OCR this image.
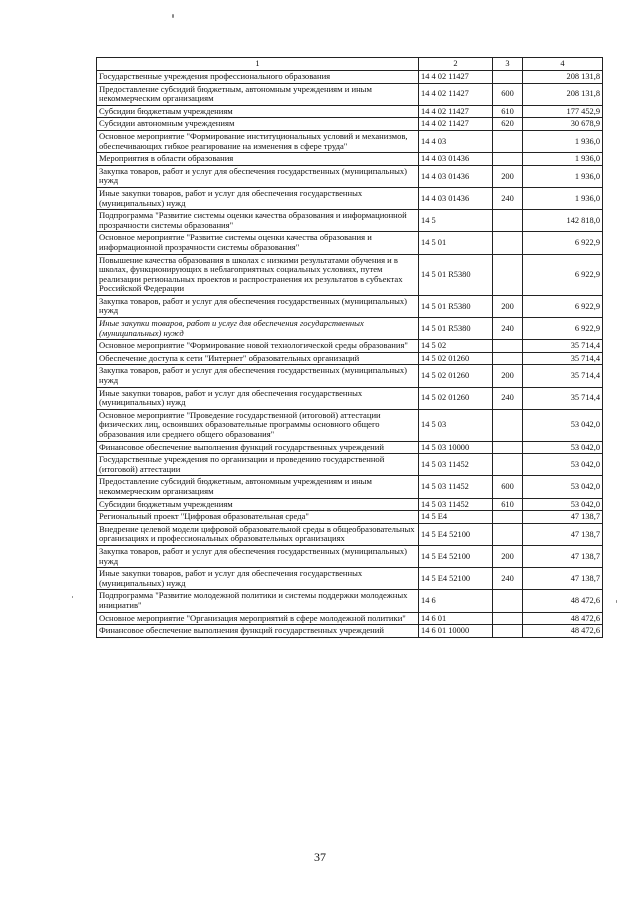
1	2	3	4
Государственные учреждения профессионального образования	14 4 02 11427		208 131,8
Предоставление субсидий бюджетным, автономным учреждениям и иным некоммерческим организациям	14 4 02 11427	600	208 131,8
Субсидии бюджетным учреждениям	14 4 02 11427	610	177 452,9
Субсидии автономным учреждениям	14 4 02 11427	620	30 678,9
Основное мероприятие "Формирование институциональных условий и механизмов, обеспечивающих гибкое реагирование на изменения в сфере труда"	14 4 03		1 936,0
Мероприятия в области образования	14 4 03 01436		1 936,0
Закупка товаров, работ и услуг для обеспечения государственных (муниципальных) нужд	14 4 03 01436	200	1 936,0
Иные закупки товаров, работ и услуг для обеспечения государственных (муниципальных) нужд	14 4 03 01436	240	1 936,0
Подпрограмма "Развитие системы оценки качества образования и информационной прозрачности системы образования"	14 5		142 818,0
Основное мероприятие "Развитие системы оценки качества образования и информационной прозрачности системы образования"	14 5 01		6 922,9
Повышение качества образования в школах с низкими результатами обучения и в школах, функционирующих в неблагоприятных социальных условиях, путем реализации региональных проектов и распространения их результатов в субъектах Российской Федерации	14 5 01 R5380		6 922,9
Закупка товаров, работ и услуг для обеспечения государственных (муниципальных) нужд	14 5 01 R5380	200	6 922,9
Иные закупки товаров, работ и услуг для обеспечения государственных (муниципальных) нужд	14 5 01 R5380	240	6 922,9
Основное мероприятие "Формирование новой технологической среды образования"	14 5 02		35 714,4
Обеспечение доступа к сети "Интернет" образовательных организаций	14 5 02 01260		35 714,4
Закупка товаров, работ и услуг для обеспечения государственных (муниципальных) нужд	14 5 02 01260	200	35 714,4
Иные закупки товаров, работ и услуг для обеспечения государственных (муниципальных) нужд	14 5 02 01260	240	35 714,4
Основное мероприятие "Проведение государственной (итоговой) аттестации физических лиц, освоивших образовательные программы основного общего образования или среднего общего образования"	14 5 03		53 042,0
Финансовое обеспечение выполнения функций государственных учреждений	14 5 03 10000		53 042,0
Государственные учреждения по организации и проведению государственной (итоговой) аттестации	14 5 03 11452		53 042,0
Предоставление субсидий бюджетным, автономным учреждениям и иным некоммерческим организациям	14 5 03 11452	600	53 042,0
Субсидии бюджетным учреждениям	14 5 03 11452	610	53 042,0
Региональный проект "Цифровая образовательная среда"	14 5 E4		47 138,7
Внедрение целевой модели цифровой образовательной среды в общеобразовательных организациях и профессиональных образовательных организациях	14 5 E4 52100		47 138,7
Закупка товаров, работ и услуг для обеспечения государственных (муниципальных) нужд	14 5 E4 52100	200	47 138,7
Иные закупки товаров, работ и услуг для обеспечения государственных (муниципальных) нужд	14 5 E4 52100	240	47 138,7
Подпрограмма "Развитие молодежной политики и системы поддержки молодежных инициатив"	14 6		48 472,6
Основное мероприятие "Организация мероприятий в сфере молодежной политики"	14 6 01		48 472,6
Финансовое обеспечение выполнения функций государственных учреждений	14 6 01 10000		48 472,6
37
